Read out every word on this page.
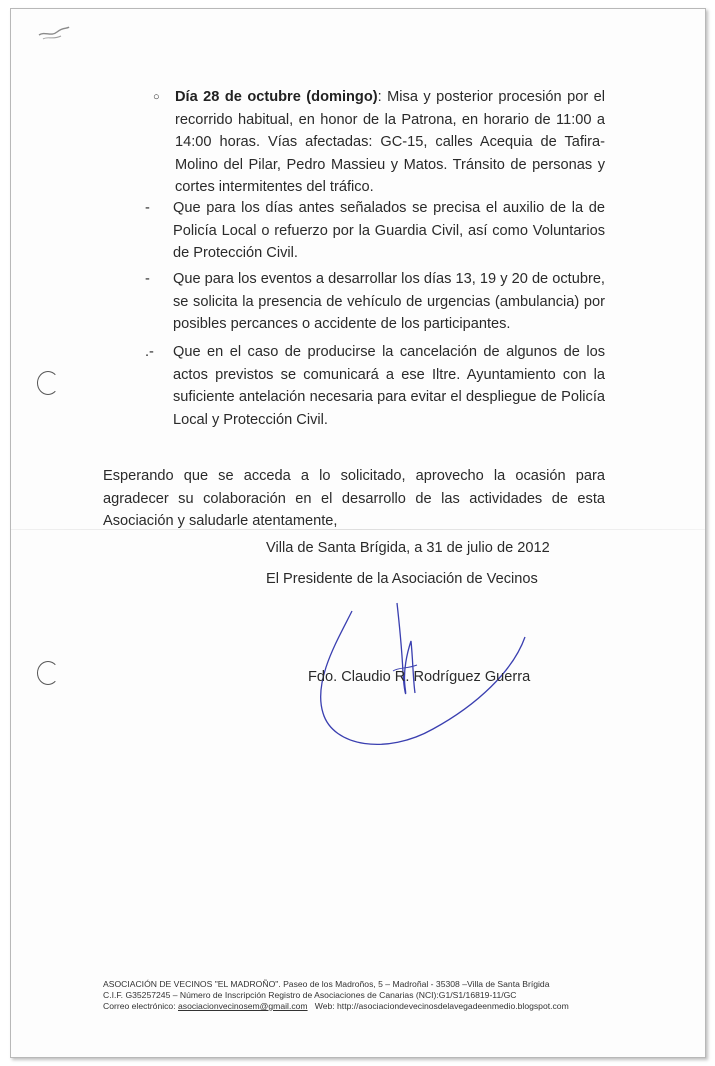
○ Día 28 de octubre (domingo): Misa y posterior procesión por el recorrido habitual, en honor de la Patrona, en horario de 11:00 a 14:00 horas. Vías afectadas: GC-15, calles Acequia de Tafira-Molino del Pilar, Pedro Massieu y Matos. Tránsito de personas y cortes intermitentes del tráfico.
-	Que para los días antes señalados se precisa el auxilio de la de Policía Local o refuerzo por la Guardia Civil, así como Voluntarios de Protección Civil.
-	Que para los eventos a desarrollar los días 13, 19 y 20 de octubre, se solicita la presencia de vehículo de urgencias (ambulancia) por posibles percances o accidente de los participantes.
.-	Que en el caso de producirse la cancelación de algunos de los actos previstos se comunicará a ese Iltre. Ayuntamiento con la suficiente antelación necesaria para evitar el despliegue de Policía Local y Protección Civil.
Esperando que se acceda a lo solicitado, aprovecho la ocasión para agradecer su colaboración en el desarrollo de las actividades de esta Asociación y saludarle atentamente,
Villa de Santa Brígida, a 31 de julio de 2012
El Presidente de la Asociación de Vecinos
Fdo. Claudio R. Rodríguez Guerra
ASOCIACIÓN DE VECINOS "EL MADROÑO". Paseo de los Madroños, 5 – Madroñal - 35308 –Villa de Santa Brígida
C.I.F. G35257245 – Número de Inscripción Registro de Asociaciones de Canarias (NCI):G1/S1/16819-11/GC
Correo electrónico: asociacionvecinosem@gmail.com   Web: http://asociaciondevecinosdelavegadeenmedio.blogspot.com
